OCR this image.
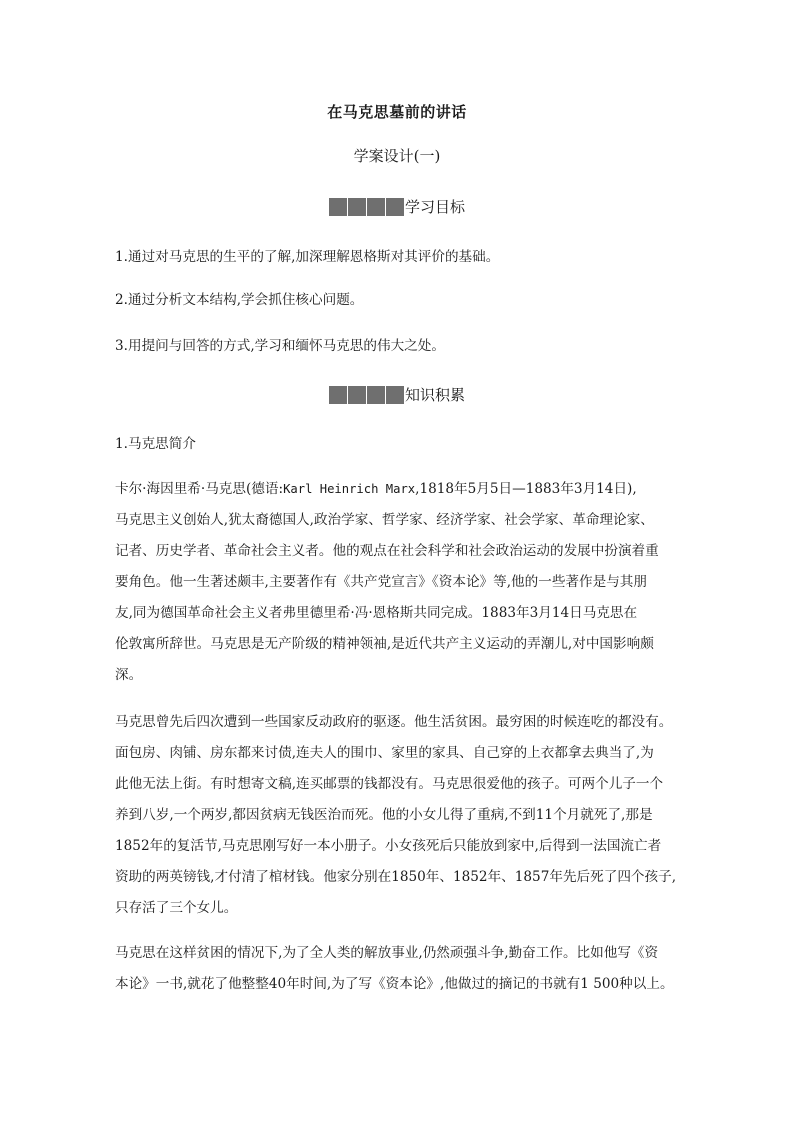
在马克思墓前的讲话
学案设计(一)
学习目标
1.通过对马克思的生平的了解,加深理解恩格斯对其评价的基础。
2.通过分析文本结构,学会抓住核心问题。
3.用提问与回答的方式,学习和缅怀马克思的伟大之处。
知识积累
1.马克思简介
卡尔·海因里希·马克思(德语:Karl Heinrich Marx,1818年5月5日—1883年3月14日),
马克思主义创始人,犹太裔德国人,政治学家、哲学家、经济学家、社会学家、革命理论家、
记者、历史学者、革命社会主义者。他的观点在社会科学和社会政治运动的发展中扮演着重
要角色。他一生著述颇丰,主要著作有《共产党宣言》《资本论》等,他的一些著作是与其朋
友,同为德国革命社会主义者弗里德里希·冯·恩格斯共同完成。1883年3月14日马克思在
伦敦寓所辞世。马克思是无产阶级的精神领袖,是近代共产主义运动的弄潮儿,对中国影响颇
深。
马克思曾先后四次遭到一些国家反动政府的驱逐。他生活贫困。最穷困的时候连吃的都没有。
面包房、肉铺、房东都来讨债,连夫人的围巾、家里的家具、自己穿的上衣都拿去典当了,为
此他无法上街。有时想寄文稿,连买邮票的钱都没有。马克思很爱他的孩子。可两个儿子一个
养到八岁,一个两岁,都因贫病无钱医治而死。他的小女儿得了重病,不到11个月就死了,那是
1852年的复活节,马克思刚写好一本小册子。小女孩死后只能放到家中,后得到一法国流亡者
资助的两英镑钱,才付清了棺材钱。他家分别在1850年、1852年、1857年先后死了四个孩子,
只存活了三个女儿。
马克思在这样贫困的情况下,为了全人类的解放事业,仍然顽强斗争,勤奋工作。比如他写《资
本论》一书,就花了他整整40年时间,为了写《资本论》,他做过的摘记的书就有1 500种以上。
